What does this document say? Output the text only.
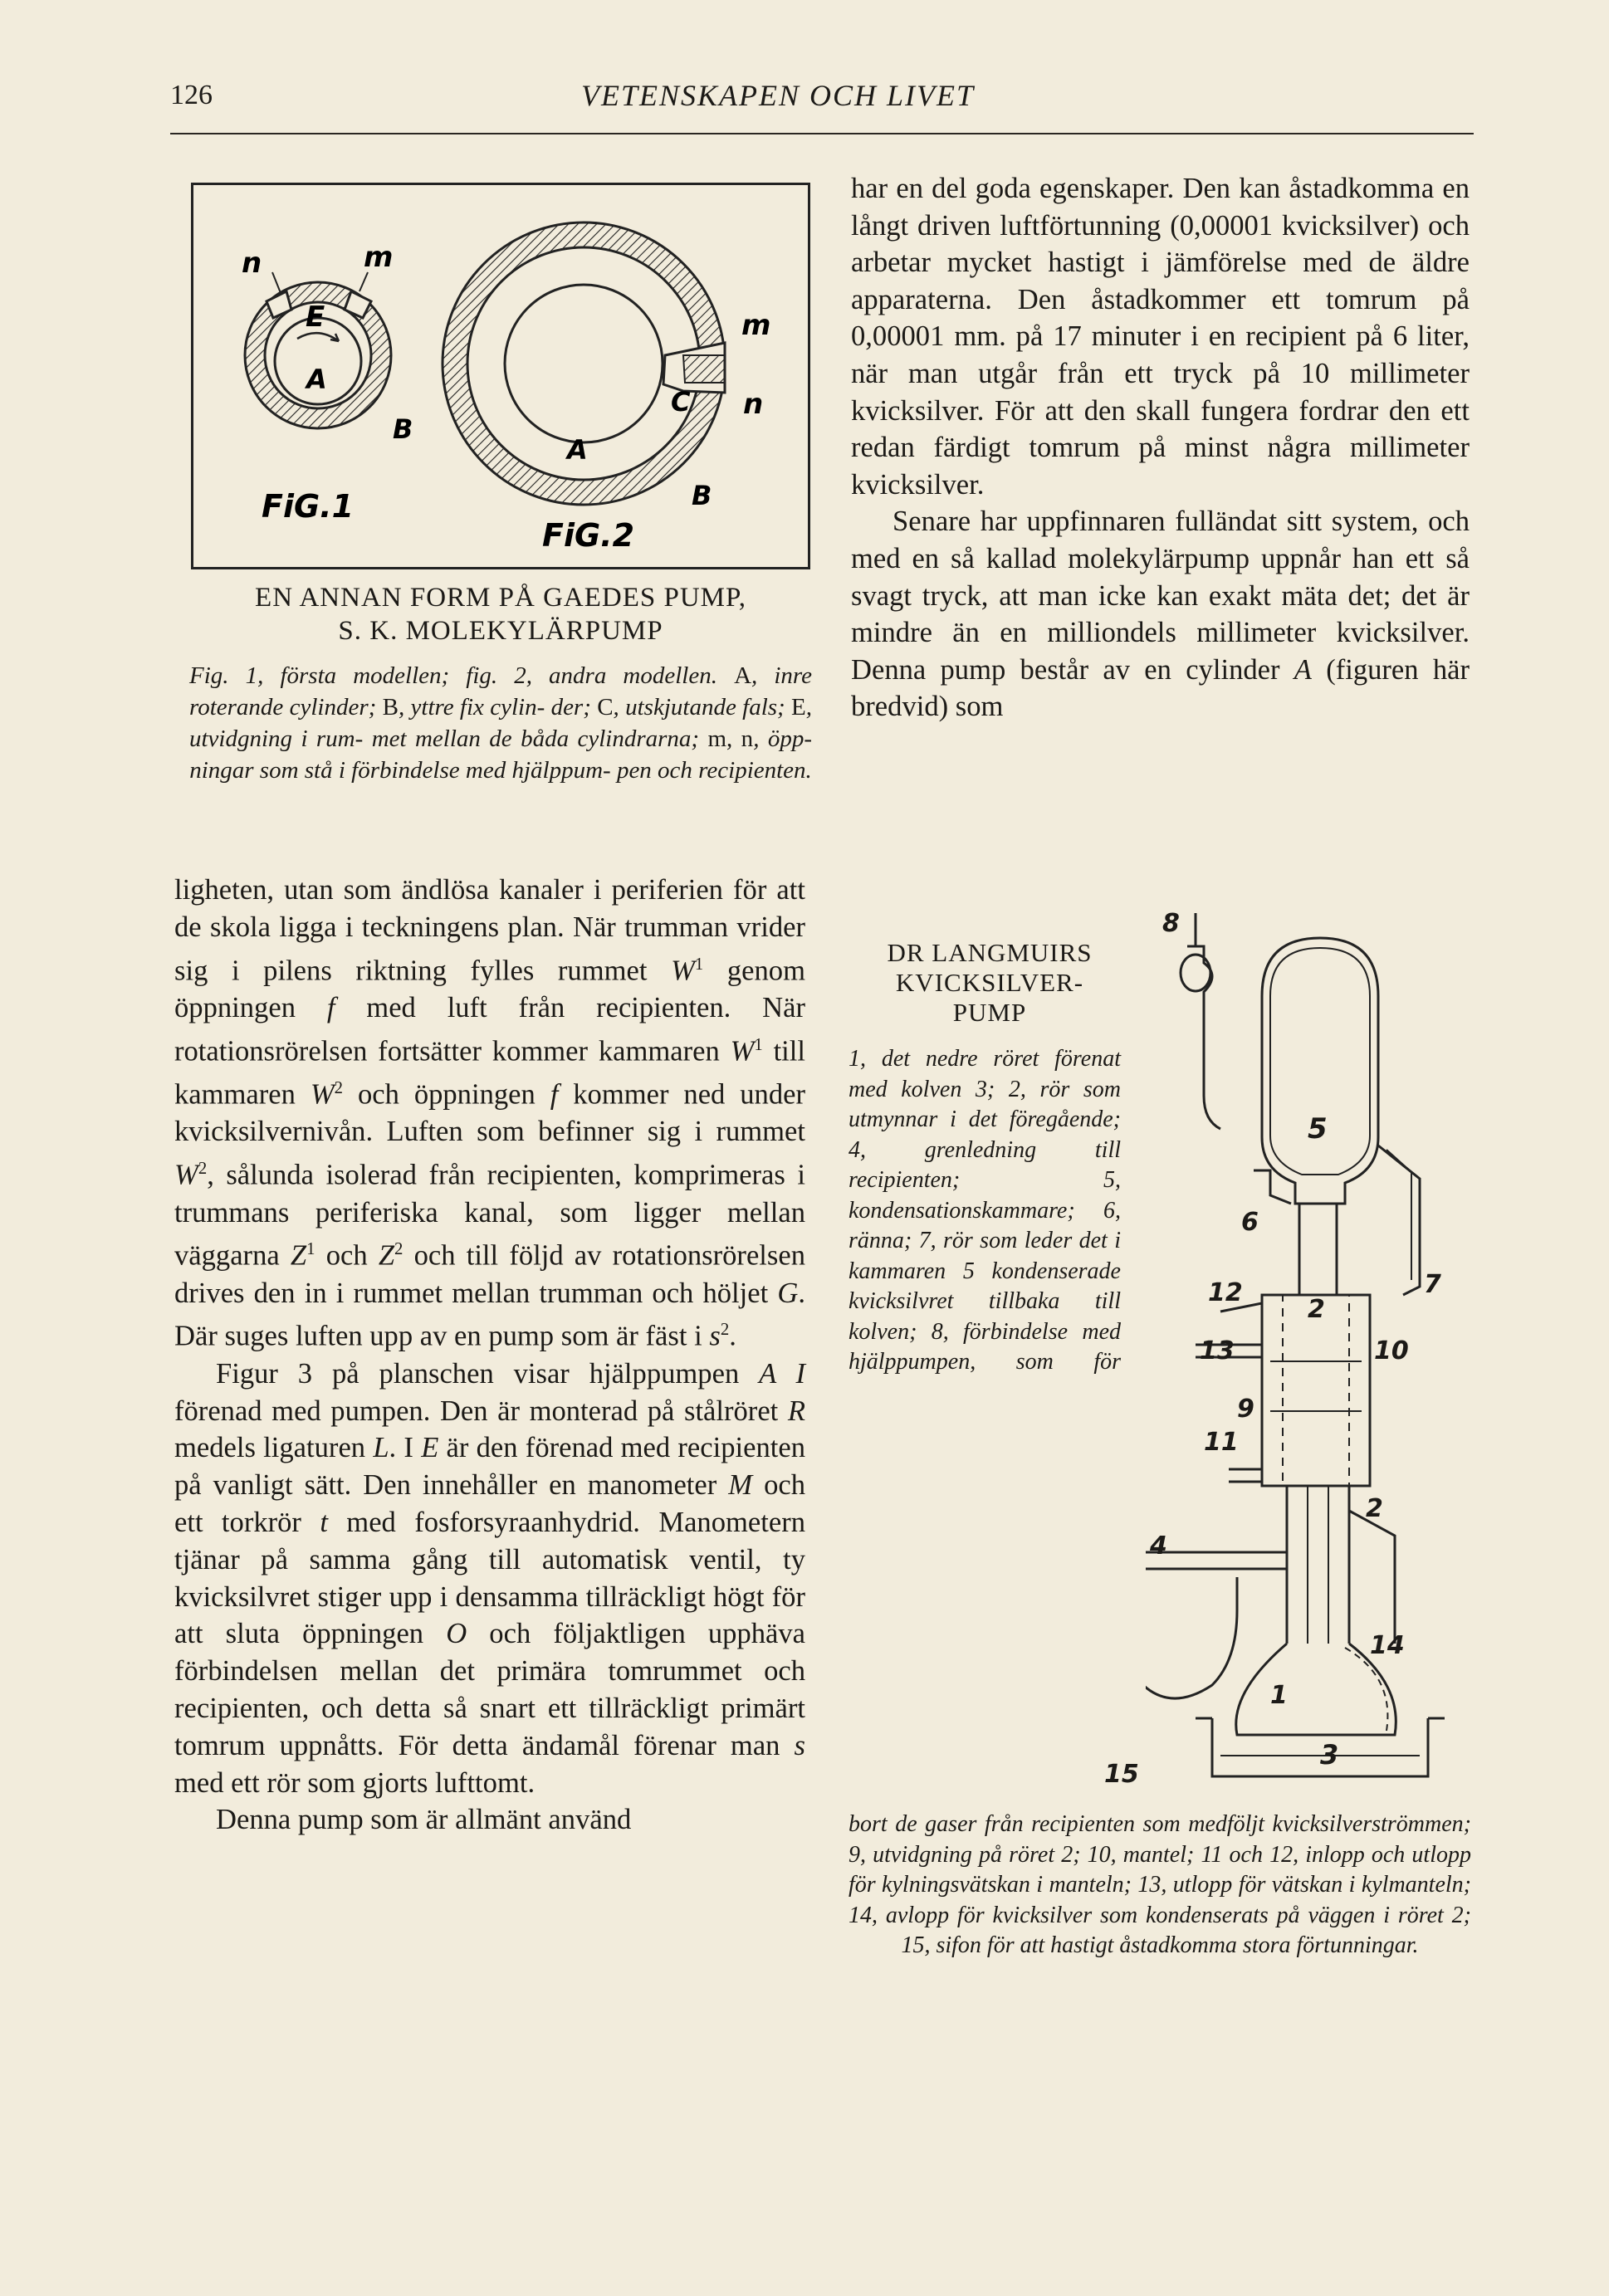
126	VETENSKAPEN OCH LIVET
n	m
E
A
B
FiG.1
m
C n
A
B
FiG.2
EN ANNAN FORM PÅ GAEDES PUMP,
S. K. MOLEKYLÄRPUMP
Fig. 1, första modellen; fig. 2, andra modellen. A, inre roterande cylinder; B, yttre fix cylin- der; C, utskjutande fals; E, utvidgning i rum- met mellan de båda cylindrarna; m, n, öpp- ningar som stå i förbindelse med hjälppum- pen och recipienten.

har en del goda egenskaper. Den kan åstadkomma en långt driven luftförtunning (0,00001 kvicksilver) och arbetar mycket hastigt i jämförelse med de äldre apparaterna. Den åstadkommer ett tomrum på 0,00001 mm. på 17 minuter i en recipient på 6 liter, när man utgår från ett tryck på 10 millimeter kvicksilver. För att den skall fungera fordrar den ett redan färdigt tomrum på minst några millimeter kvicksilver.

Senare har uppfinnaren fulländat sitt system, och med en så kallad molekylärpump uppnår han ett så svagt tryck, att man icke kan exakt mäta det; det är mindre än en milliondels millimeter kvicksilver. Denna pump består av en cylinder A (figuren här bredvid) som

ligheten, utan som ändlösa kanaler i periferien för att de skola ligga i teckningens plan. När trumman vrider sig i pilens riktning fylles rummet $W^1$ genom öppningen f med luft från recipienten. När rotationsrörelsen fortsätter kommer kammaren $W^1$ till kammaren $W^2$ och öppningen f kommer ned under kvicksilvernivån. Luften som befinner sig i rummet $W^2$, sålunda isolerad från recipienten, komprimeras i trummans periferiska kanal, som ligger mellan väggarna $Z^1$ och $Z^2$ och till följd av rotationsrörelsen drives den in i rummet mellan trumman och höljet G. Där suges luften upp av en pump som är fäst i $s^2$.

Figur 3 på planschen visar hjälppumpen A I förenad med pumpen. Den är monterad på stålröret R medels ligaturen L. I E är den förenad med recipienten på vanligt sätt. Den innehåller en manometer M och ett torkrör t med fosforsyraanhydrid. Manometern tjänar på samma gång till automatisk ventil, ty kvicksilvret stiger upp i densamma tillräckligt högt för att sluta öppningen O och följaktligen upphäva förbindelsen mellan det primära tomrummet och recipienten, och detta så snart ett tillräckligt primärt tomrum uppnåtts. För detta ändamål förenar man s med ett rör som gjorts lufttomt.

Denna pump som är allmänt använd

DR LANGMUIRS
KVICKSILVER-
PUMP
1, det nedre röret förenat med kolven 3; 2, rör som utmynnar i det föregående; 4, grenledning till recipienten; 5, kondensationskammare; 6, ränna; 7, rör som leder det i kammaren 5 kondenserade kvicksilvret tillbaka till kolven; 8, förbindelse med hjälppumpen, som för
bort de gaser från recipienten som medföljt kvicksilverströmmen; 9, utvidgning på röret 2; 10, mantel; 11 och 12, inlopp och utlopp för kylningsvätskan i manteln; 13, utlopp för vätskan i kylmanteln; 14, avlopp för kvicksilver som kondenserats på väggen i röret 2; 15, sifon för att hastigt åstadkomma stora förtunningar.
8
5
6
12
2
7
13	10
9
11
4
2
14
1
15
3
